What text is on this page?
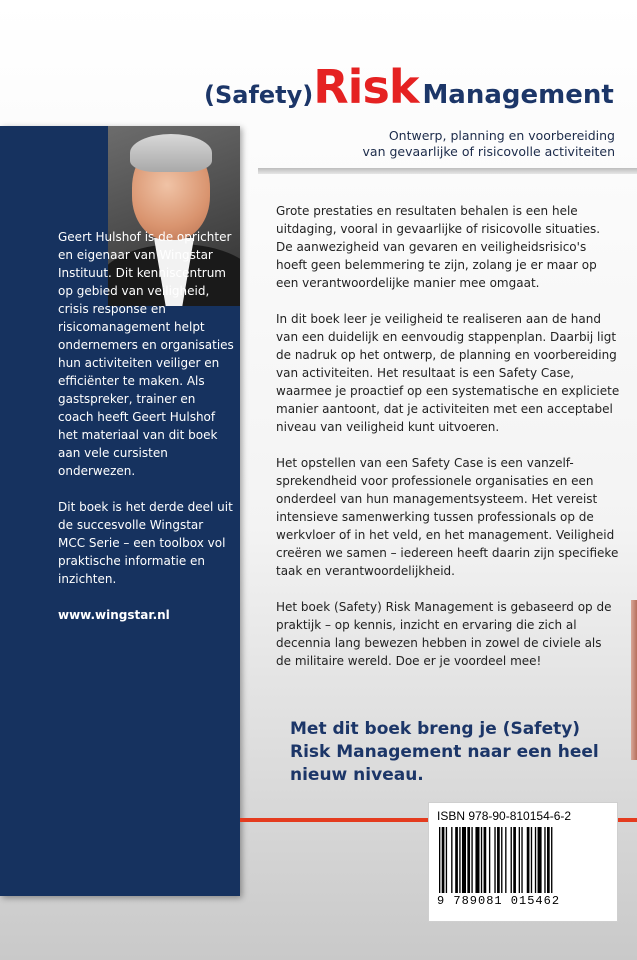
(Safety)Risk Management
Ontwerp, planning en voorbereiding
van gevaarlijke of risicovolle activiteiten

Geert Hulshof is de oprichter en eigenaar van Wingstar Instituut. Dit kenniscentrum op gebied van veiligheid, crisis response en risicomanagement helpt ondernemers en organisaties hun activiteiten veiliger en efficiënter te maken. Als gastspreker, trainer en coach heeft Geert Hulshof het materiaal van dit boek aan vele cursisten onderwezen.

Dit boek is het derde deel uit de succesvolle Wingstar MCC Serie – een toolbox vol praktische informatie en inzichten.

www.wingstar.nl

Grote prestaties en resultaten behalen is een hele uitdaging, vooral in gevaarlijke of risicovolle situaties. De aanwezigheid van gevaren en veiligheidsrisico's hoeft geen belemmering te zijn, zolang je er maar op een verantwoordelijke manier mee omgaat.

In dit boek leer je veiligheid te realiseren aan de hand van een duidelijk en eenvoudig stappenplan. Daarbij ligt de nadruk op het ontwerp, de planning en voorbereiding van activiteiten. Het resultaat is een Safety Case, waarmee je proactief op een systematische en expliciete manier aantoont, dat je activiteiten met een acceptabel niveau van veiligheid kunt uitvoeren.

Het opstellen van een Safety Case is een vanzelf-sprekendheid voor professionele organisaties en een onderdeel van hun managementsysteem. Het vereist intensieve samenwerking tussen professionals op de werkvloer of in het veld, en het management. Veiligheid creëren we samen – iedereen heeft daarin zijn specifieke taak en verantwoordelijkheid.

Het boek (Safety) Risk Management is gebaseerd op de praktijk – op kennis, inzicht en ervaring die zich al decennia lang bewezen hebben in zowel de civiele als de militaire wereld. Doe er je voordeel mee!

Met dit boek breng je (Safety) Risk Management naar een heel nieuw niveau.
ISBN 978-90-810154-6-2
9 789081 015462
